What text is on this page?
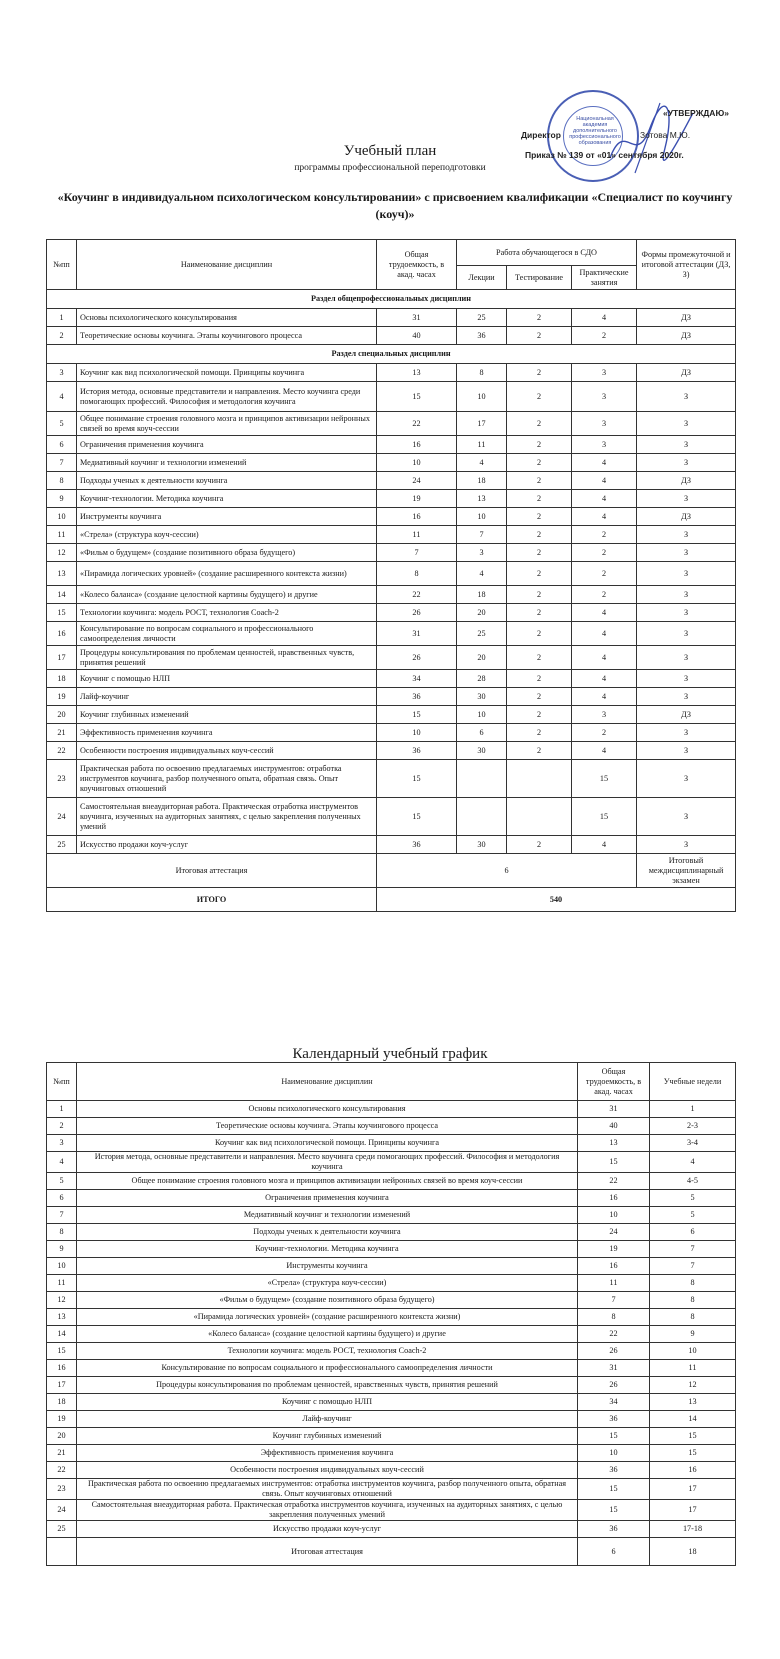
Национальная академия дополнительного профессионального образования
«УТВЕРЖДАЮ»
Директор	Зотова М.Ю.
Приказ № 139 от «01» сентября 2020г.
Учебный план
программы профессиональной переподготовки
«Коучинг в индивидуальном психологическом консультировании» с присвоением квалификации «Специалист по коучингу (коуч)»
№пп	Наименование дисциплин	Общая трудоемкость, в акад. часах	Работа обучающегося в СДО			Формы промежуточной и итоговой аттестации (ДЗ, З)
			Лекции	Тестирование	Практические занятия	
Раздел общепрофессиональных дисциплин						
1	Основы психологического консультирования	31	25	2	4	ДЗ
2	Теоретические основы коучинга. Этапы коучингового процесса	40	36	2	2	ДЗ
Раздел специальных дисциплин						
3	Коучинг как вид психологической помощи. Принципы коучинга	13	8	2	3	ДЗ
4	История метода, основные представители и направления. Место коучинга среди помогающих профессий. Философия и методология коучинга	15	10	2	3	З
5	Общее понимание строения головного мозга и принципов активизации нейронных связей во время коуч-сессии	22	17	2	3	З
6	Ограничения применения коучинга	16	11	2	3	З
7	Медиативный коучинг и технологии изменений	10	4	2	4	З
8	Подходы ученых к деятельности коучинга	24	18	2	4	ДЗ
9	Коучинг-технологии. Методика коучинга	19	13	2	4	З
10	Инструменты коучинга	16	10	2	4	ДЗ
11	«Стрела» (структура коуч-сессии)	11	7	2	2	З
12	«Фильм о будущем» (создание позитивного образа будущего)	7	3	2	2	З
13	«Пирамида логических уровней» (создание расширенного контекста жизни)	8	4	2	2	З
14	«Колесо баланса» (создание целостной картины будущего) и другие	22	18	2	2	З
15	Технологии коучинга: модель РОСТ, технология Coach-2	26	20	2	4	З
16	Консультирование по вопросам социального и профессионального самоопределения личности	31	25	2	4	З
17	Процедуры консультирования по проблемам ценностей, нравственных чувств, принятия решений	26	20	2	4	З
18	Коучинг с помощью НЛП	34	28	2	4	З
19	Лайф-коучинг	36	30	2	4	З
20	Коучинг глубинных изменений	15	10	2	3	ДЗ
21	Эффективность применения коучинга	10	6	2	2	З
22	Особенности построения индивидуальных коуч-сессий	36	30	2	4	З
23	Практическая работа по освоению предлагаемых инструментов: отработка инструментов коучинга, разбор полученного опыта, обратная связь. Опыт коучинговых отношений	15			15	З
24	Самостоятельная внеаудиторная работа. Практическая отработка инструментов коучинга, изученных на аудиторных занятиях, с целью закрепления полученных умений	15			15	З
25	Искусство продажи коуч-услуг	36	30	2	4	З
Итоговая аттестация		6				Итоговый междисциплинарный экзамен
ИТОГО		540				
Календарный учебный график
№пп	Наименование дисциплин	Общая трудоемкость, в акад. часах	Учебные недели
1	Основы психологического консультирования	31	1
2	Теоретические основы коучинга. Этапы коучингового процесса	40	2-3
3	Коучинг как вид психологической помощи. Принципы коучинга	13	3-4
4	История метода, основные представители и направления. Место коучинга среди помогающих профессий. Философия и методология коучинга	15	4
5	Общее понимание строения головного мозга и принципов активизации нейронных связей во время коуч-сессии	22	4-5
6	Ограничения применения коучинга	16	5
7	Медиативный коучинг и технологии изменений	10	5
8	Подходы ученых к деятельности коучинга	24	6
9	Коучинг-технологии. Методика коучинга	19	7
10	Инструменты коучинга	16	7
11	«Стрела» (структура коуч-сессии)	11	8
12	«Фильм о будущем» (создание позитивного образа будущего)	7	8
13	«Пирамида логических уровней» (создание расширенного контекста жизни)	8	8
14	«Колесо баланса» (создание целостной картины будущего) и другие	22	9
15	Технологии коучинга: модель РОСТ, технология Coach-2	26	10
16	Консультирование по вопросам социального и профессионального самоопределения личности	31	11
17	Процедуры консультирования по проблемам ценностей, нравственных чувств, принятия решений	26	12
18	Коучинг с помощью НЛП	34	13
19	Лайф-коучинг	36	14
20	Коучинг глубинных изменений	15	15
21	Эффективность применения коучинга	10	15
22	Особенности построения индивидуальных коуч-сессий	36	16
23	Практическая работа по освоению предлагаемых инструментов: отработка инструментов коучинга, разбор полученного опыта, обратная связь. Опыт коучинговых отношений	15	17
24	Самостоятельная внеаудиторная работа. Практическая отработка инструментов коучинга, изученных на аудиторных занятиях, с целью закрепления полученных умений	15	17
25	Искусство продажи коуч-услуг	36	17-18
	Итоговая аттестация	6	18
